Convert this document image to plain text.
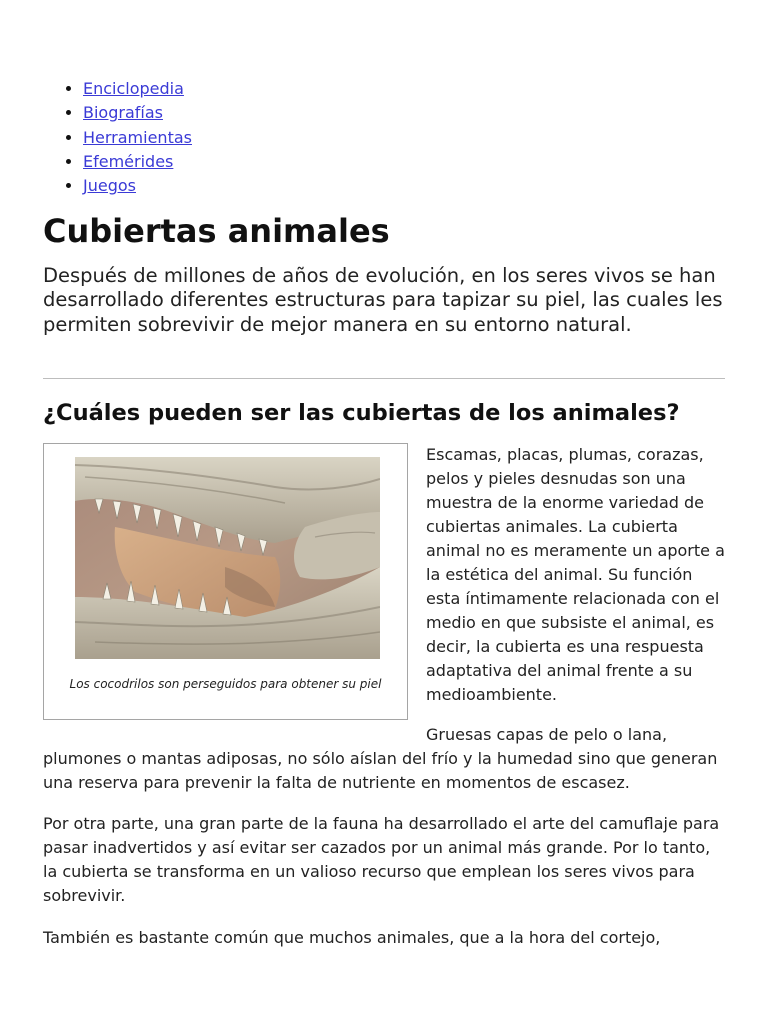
• Enciclopedia
• Biografías
• Herramientas
• Efemérides
• Juegos
Cubiertas animales

Después de millones de años de evolución, en los seres vivos se han desarrollado diferentes estructuras para tapizar su piel, las cuales les permiten sobrevivir de mejor manera en su entorno natural.

¿Cuáles pueden ser las cubiertas de los animales?
Los cocodrilos son perseguidos para obtener su piel

Escamas, placas, plumas, corazas, pelos y pieles desnudas son una muestra de la enorme variedad de cubiertas animales. La cubierta animal no es meramente un aporte a la estética del animal. Su función esta íntimamente relacionada con el medio en que subsiste el animal, es decir, la cubierta es una respuesta adaptativa del animal frente a su medioambiente.

Gruesas capas de pelo o lana, plumones o mantas adiposas, no sólo aíslan del frío y la humedad sino que generan una reserva para prevenir la falta de nutriente en momentos de escasez.

Por otra parte, una gran parte de la fauna ha desarrollado el arte del camuflaje para pasar inadvertidos y así evitar ser cazados por un animal más grande. Por lo tanto, la cubierta se transforma en un valioso recurso que emplean los seres vivos para sobrevivir.

También es bastante común que muchos animales, que a la hora del cortejo,
